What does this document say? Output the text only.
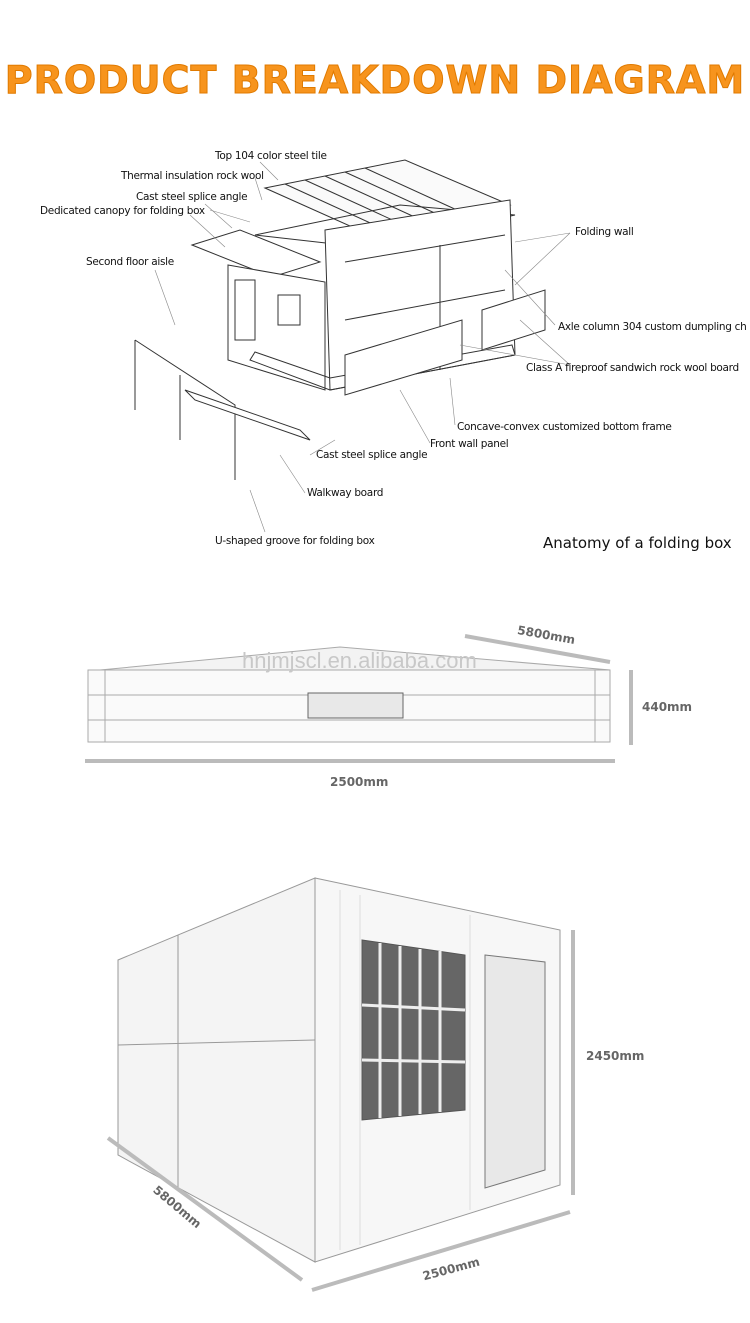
PRODUCT BREAKDOWN DIAGRAM
Top 104 color steel tile
Thermal insulation rock wool
Cast steel splice angle
Dedicated canopy for folding box
Second floor aisle
Folding wall
Axle column 304 custom dumpling ch
Class A fireproof sandwich rock wool board
Concave-convex customized bottom frame
Front wall panel
Cast steel splice angle
Walkway board
U-shaped groove for folding box	Anatomy of a folding box
hnjmjscl.en.alibaba.com
5800mm
440mm
2500mm
2450mm
5800mm
2500mm
